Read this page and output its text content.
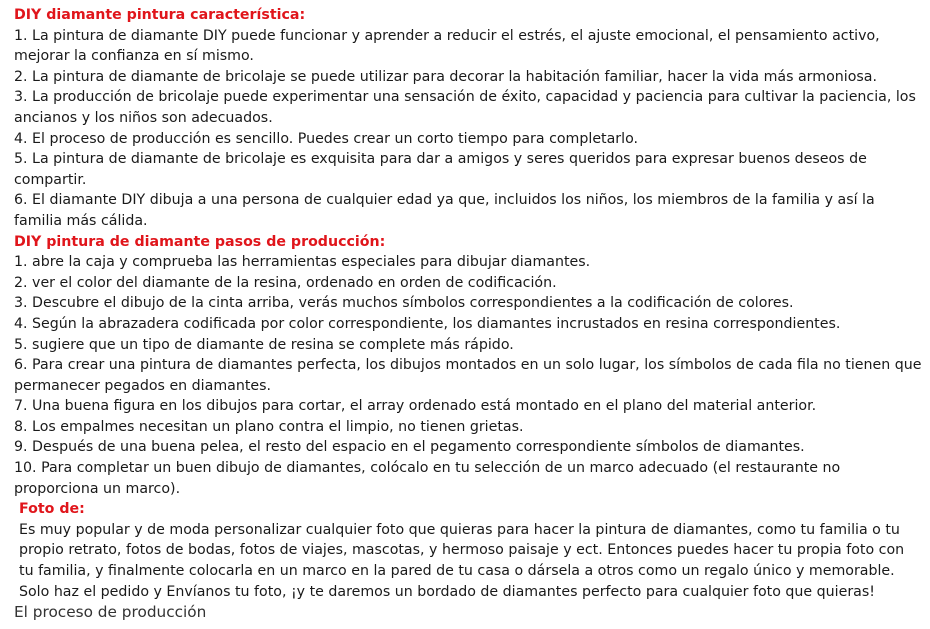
DIY diamante pintura característica:
1. La pintura de diamante DIY puede funcionar y aprender a reducir el estrés, el ajuste emocional, el pensamiento activo, mejorar la confianza en sí mismo.
2. La pintura de diamante de bricolaje se puede utilizar para decorar la habitación familiar, hacer la vida más armoniosa.
3. La producción de bricolaje puede experimentar una sensación de éxito, capacidad y paciencia para cultivar la paciencia, los ancianos y los niños son adecuados.
4. El proceso de producción es sencillo. Puedes crear un corto tiempo para completarlo.
5. La pintura de diamante de bricolaje es exquisita para dar a amigos y seres queridos para expresar buenos deseos de compartir.
6. El diamante DIY dibuja a una persona de cualquier edad ya que, incluidos los niños, los miembros de la familia y así la familia más cálida.
DIY pintura de diamante pasos de producción:
1. abre la caja y comprueba las herramientas especiales para dibujar diamantes.
2. ver el color del diamante de la resina, ordenado en orden de codificación.
3. Descubre el dibujo de la cinta arriba, verás muchos símbolos correspondientes a la codificación de colores.
4. Según la abrazadera codificada por color correspondiente, los diamantes incrustados en resina correspondientes.
5. sugiere que un tipo de diamante de resina se complete más rápido.
6. Para crear una pintura de diamantes perfecta, los dibujos montados en un solo lugar, los símbolos de cada fila no tienen que permanecer pegados en diamantes.
7. Una buena figura en los dibujos para cortar, el array ordenado está montado en el plano del material anterior.
8. Los empalmes necesitan un plano contra el limpio, no tienen grietas.
9. Después de una buena pelea, el resto del espacio en el pegamento correspondiente símbolos de diamantes.
10. Para completar un buen dibujo de diamantes, colócalo en tu selección de un marco adecuado (el restaurante no proporciona un marco).
Foto de:
Es muy popular y de moda personalizar cualquier foto que quieras para hacer la pintura de diamantes, como tu familia o tu propio retrato, fotos de bodas, fotos de viajes, mascotas, y hermoso paisaje y ect. Entonces puedes hacer tu propia foto con tu familia, y finalmente colocarla en un marco en la pared de tu casa o dársela a otros como un regalo único y memorable. Solo haz el pedido y Envíanos tu foto, ¡y te daremos un bordado de diamantes perfecto para cualquier foto que quieras!
El proceso de producción
